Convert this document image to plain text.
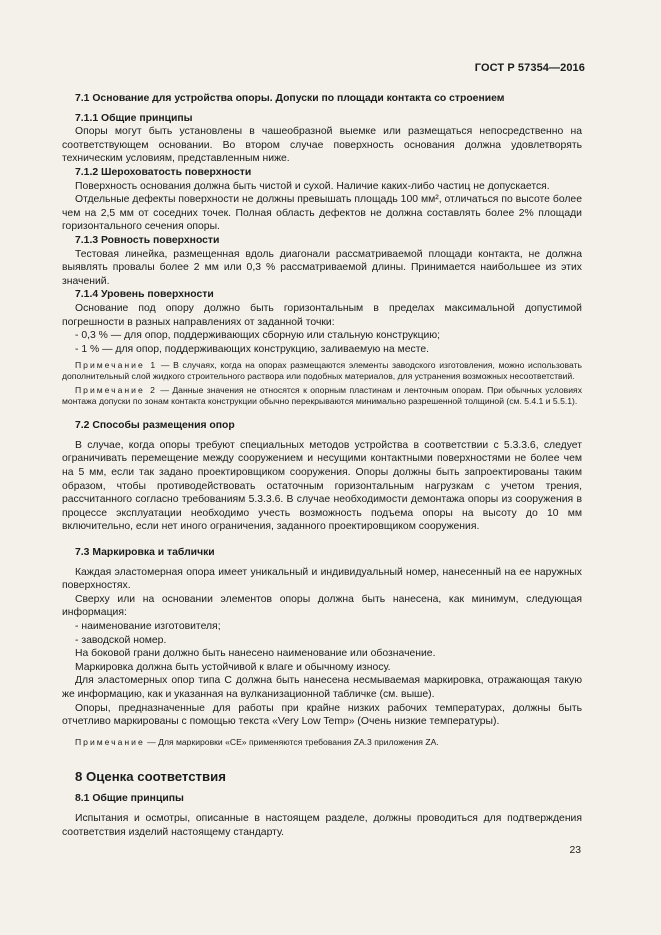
ГОСТ Р 57354—2016

7.1 Основание для устройства опоры. Допуски по площади контакта со строением

7.1.1 Общие принципы

Опоры могут быть установлены в чашеобразной выемке или размещаться непосредственно на соответствующем основании. Во втором случае поверхность основания должна удовлетворять техническим условиям, представленным ниже.

7.1.2 Шероховатость поверхности

Поверхность основания должна быть чистой и сухой. Наличие каких-либо частиц не допускается.

Отдельные дефекты поверхности не должны превышать площадь 100 мм², отличаться по высоте более чем на 2,5 мм от соседних точек. Полная область дефектов не должна составлять более 2% площади горизонтального сечения опоры.

7.1.3 Ровность поверхности

Тестовая линейка, размещенная вдоль диагонали рассматриваемой площади контакта, не должна выявлять провалы более 2 мм или 0,3 % рассматриваемой длины. Принимается наибольшее из этих значений.

7.1.4 Уровень поверхности

Основание под опору должно быть горизонтальным в пределах максимальной допустимой погрешности в разных направлениях от заданной точки:

- 0,3 % — для опор, поддерживающих сборную или стальную конструкцию;

- 1 % — для опор, поддерживающих конструкцию, заливаемую на месте.

Примечание 1 — В случаях, когда на опорах размещаются элементы заводского изготовления, можно использовать дополнительный слой жидкого строительного раствора или подобных материалов, для устранения возможных несоответствий.

Примечание 2 — Данные значения не относятся к опорным пластинам и ленточным опорам. При обычных условиях монтажа допуски по зонам контакта конструкции обычно перекрываются минимально разрешенной толщиной (см. 5.4.1 и 5.5.1).

7.2 Способы размещения опор

В случае, когда опоры требуют специальных методов устройства в соответствии с 5.3.3.6, следует ограничивать перемещение между сооружением и несущими контактными поверхностями не более чем на 5 мм, если так задано проектировщиком сооружения. Опоры должны быть запроектированы таким образом, чтобы противодействовать остаточным горизонтальным нагрузкам с учетом трения, рассчитанного согласно требованиям 5.3.3.6. В случае необходимости демонтажа опоры из сооружения в процессе эксплуатации необходимо учесть возможность подъема опоры на высоту до 10 мм включительно, если нет иного ограничения, заданного проектировщиком сооружения.

7.3 Маркировка и таблички

Каждая эластомерная опора имеет уникальный и индивидуальный номер, нанесенный на ее наружных поверхностях.

Сверху или на основании элементов опоры должна быть нанесена, как минимум, следующая информация:

- наименование изготовителя;

- заводской номер.

На боковой грани должно быть нанесено наименование или обозначение.

Маркировка должна быть устойчивой к влаге и обычному износу.

Для эластомерных опор типа С должна быть нанесена несмываемая маркировка, отражающая такую же информацию, как и указанная на вулканизационной табличке (см. выше).

Опоры, предназначенные для работы при крайне низких рабочих температурах, должны быть отчетливо маркированы с помощью текста «Very Low Temp» (Очень низкие температуры).

Примечание — Для маркировки «СЕ» применяются требования ZA.3 приложения ZA.

8 Оценка соответствия

8.1 Общие принципы

Испытания и осмотры, описанные в настоящем разделе, должны проводиться для подтверждения соответствия изделий настоящему стандарту.

23
